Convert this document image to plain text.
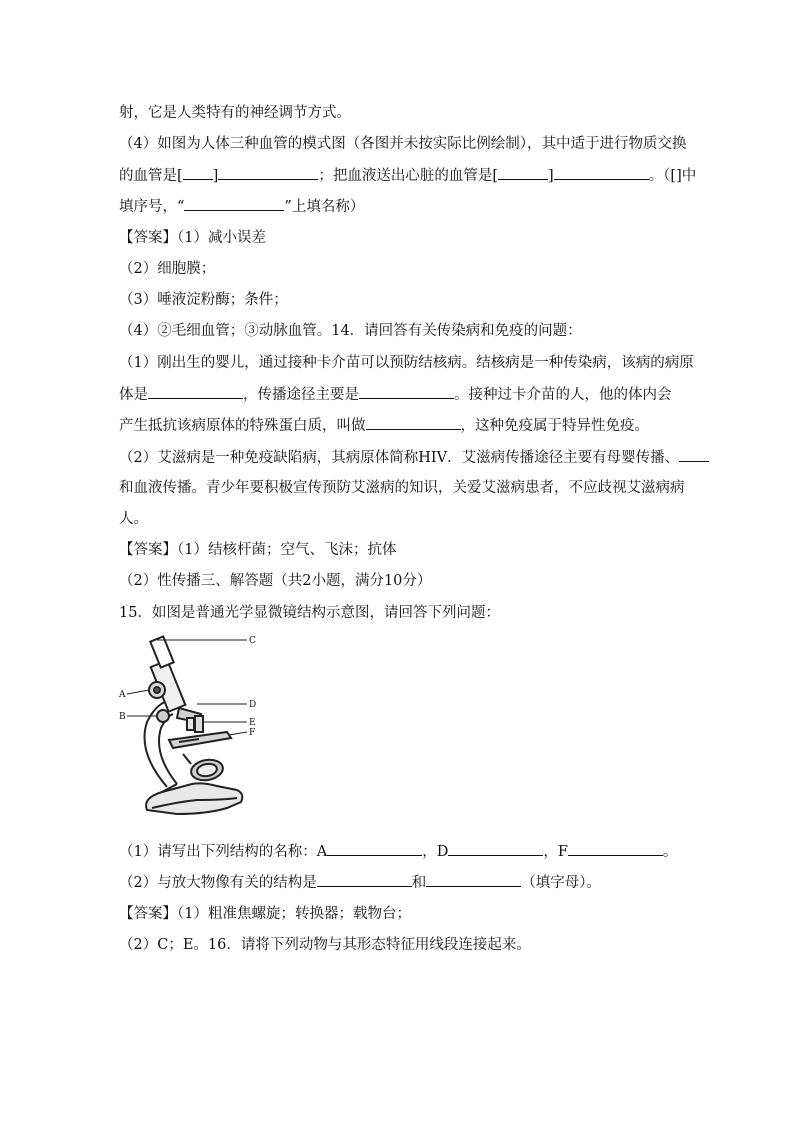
射，它是人类特有的神经调节方式。
（4）如图为人体三种血管的模式图（各图并未按实际比例绘制），其中适于进行物质交换
的血管是[ ]	；把血液送出心脏的血管是[	]	。（[]中
填序号，“	”上填名称）
【答案】（1）减小误差
（2）细胞膜；
（3）唾液淀粉酶；条件；
（4）②毛细血管；③动脉血管。14．请回答有关传染病和免疫的问题：
（1）刚出生的婴儿，通过接种卡介苗可以预防结核病。结核病是一种传染病，该病的病原
体是	，传播途径主要是	。接种过卡介苗的人，他的体内会
产生抵抗该病原体的特殊蛋白质，叫做	，这种免疫属于特异性免疫。
（2）艾滋病是一种免疫缺陷病，其病原体简称HIV．艾滋病传播途径主要有母婴传播、
和血液传播。青少年要积极宣传预防艾滋病的知识，关爱艾滋病患者，不应歧视艾滋病病
人。
【答案】（1）结核杆菌；空气、飞沫；抗体
（2）性传播三、解答题（共2小题，满分10分）
15．如图是普通光学显微镜结构示意图，请回答下列问题：
C
A
B
D
E
F
（1）请写出下列结构的名称：A	，D	，F	。
（2）与放大物像有关的结构是	和	（填字母）。
【答案】（1）粗准焦螺旋；转换器；载物台；
（2）C；E。16．请将下列动物与其形态特征用线段连接起来。
